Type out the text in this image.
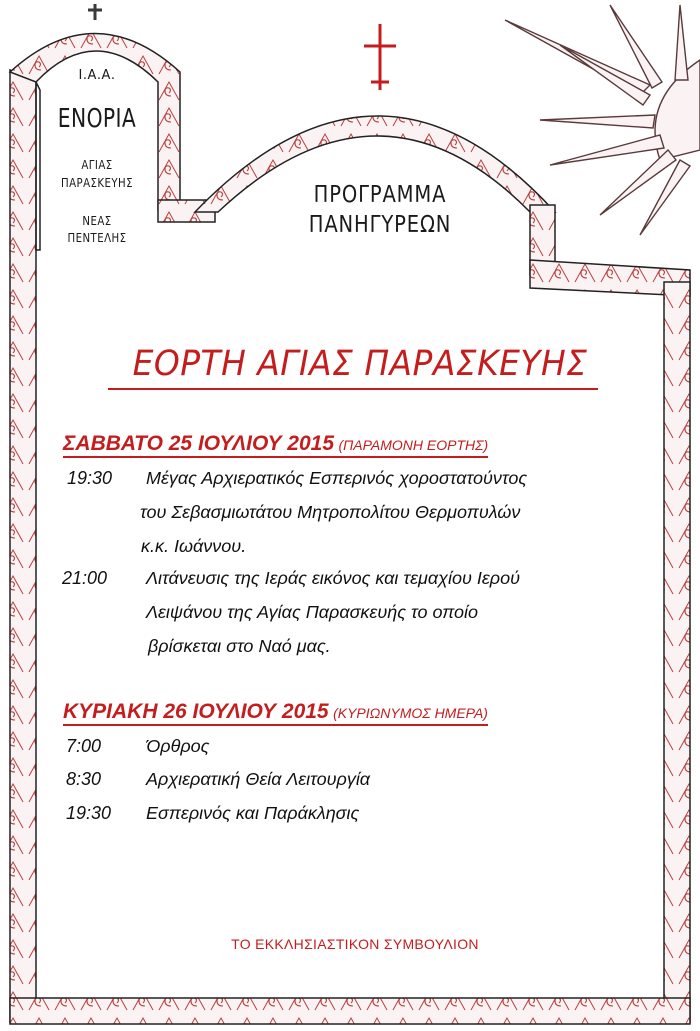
Ι.Α.Α.
ΕΝΟΡΙΑ
ΑΓΙΑΣ
ΠΑΡΑΣΚΕΥΗΣ
ΝΕΑΣ
ΠΕΝΤΕΛΗΣ
ΠΡΟΓΡΑΜΜΑ
ΠΑΝΗΓΥΡΕΩΝ
ΕΟΡΤΗ ΑΓΙΑΣ ΠΑΡΑΣΚΕΥΗΣ
ΣΑΒΒΑΤΟ 25 ΙΟΥΛΙΟΥ 2015 (ΠΑΡΑΜΟΝΗ ΕΟΡΤΗΣ)
19:30 Μέγας Αρχιερατικός Εσπερινός χοροστατούντος
του Σεβασμιωτάτου Μητροπολίτου Θερμοπυλών
κ.κ. Ιωάννου.
21:00 Λιτάνευσις της Ιεράς εικόνος και τεμαχίου Ιερού
Λειψάνου της Αγίας Παρασκευής το οποίο
βρίσκεται στο Ναό μας.
ΚΥΡΙΑΚΗ 26 ΙΟΥΛΙΟΥ 2015 (ΚΥΡΙΩΝΥΜΟΣ ΗΜΕΡΑ)
7:00 Όρθρος
8:30 Αρχιερατική Θεία Λειτουργία
19:30 Εσπερινός και Παράκλησις
ΤΟ ΕΚΚΛΗΣΙΑΣΤΙΚΟΝ ΣΥΜΒΟΥΛΙΟΝ
